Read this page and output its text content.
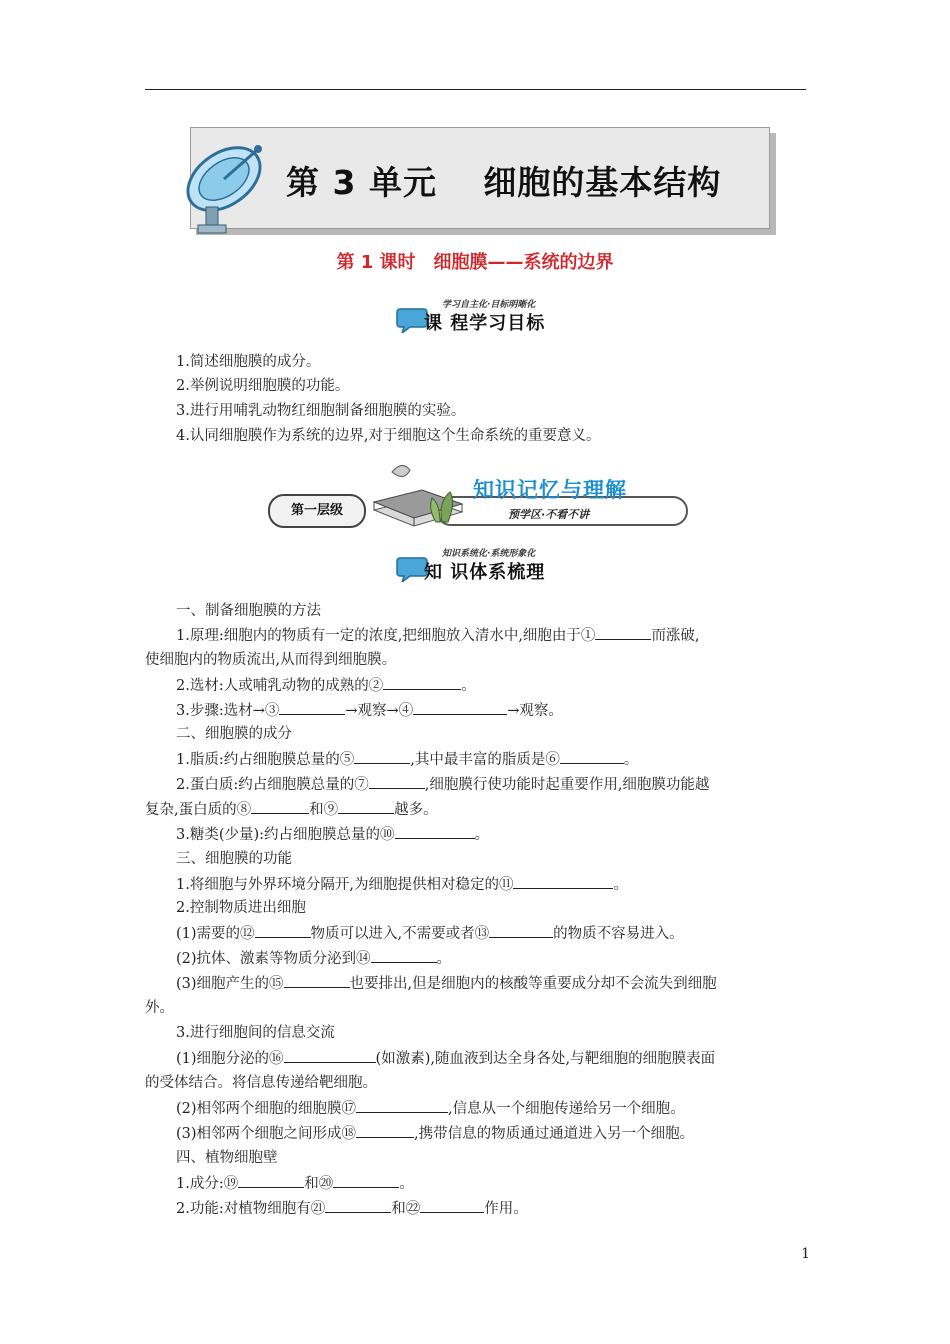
第 3 单元　 细胞的基本结构
第 1 课时　细胞膜——系统的边界
学习自主化·目标明晰化
课 程学习目标
1.简述细胞膜的成分。
2.举例说明细胞膜的功能。
3.进行用哺乳动物红细胞制备细胞膜的实验。
4.认同细胞膜作为系统的边界,对于细胞这个生命系统的重要意义。
第一层级
知识记忆与理解
预学区·不看不讲
知识系统化·系统形象化
知 识体系梳理
一、制备细胞膜的方法
1.原理:细胞内的物质有一定的浓度,把细胞放入清水中,细胞由于①	而涨破,
使细胞内的物质流出,从而得到细胞膜。
2.选材:人或哺乳动物的成熟的②	。
3.步骤:选材→③	→观察→④	→观察。
二、细胞膜的成分
1.脂质:约占细胞膜总量的⑤	,其中最丰富的脂质是⑥	。
2.蛋白质:约占细胞膜总量的⑦	,细胞膜行使功能时起重要作用,细胞膜功能越
复杂,蛋白质的⑧	和⑨	越多。
3.糖类(少量):约占细胞膜总量的⑩	。
三、细胞膜的功能
1.将细胞与外界环境分隔开,为细胞提供相对稳定的⑪	。
2.控制物质进出细胞
(1)需要的⑫	物质可以进入,不需要或者⑬	的物质不容易进入。
(2)抗体、激素等物质分泌到⑭	。
(3)细胞产生的⑮	也要排出,但是细胞内的核酸等重要成分却不会流失到细胞
外。
3.进行细胞间的信息交流
(1)细胞分泌的⑯	(如激素),随血液到达全身各处,与靶细胞的细胞膜表面
的受体结合。将信息传递给靶细胞。
(2)相邻两个细胞的细胞膜⑰	,信息从一个细胞传递给另一个细胞。
(3)相邻两个细胞之间形成⑱	,携带信息的物质通过通道进入另一个细胞。
四、植物细胞壁
1.成分:⑲	和⑳	。
2.功能:对植物细胞有㉑	和㉒	作用。
1
